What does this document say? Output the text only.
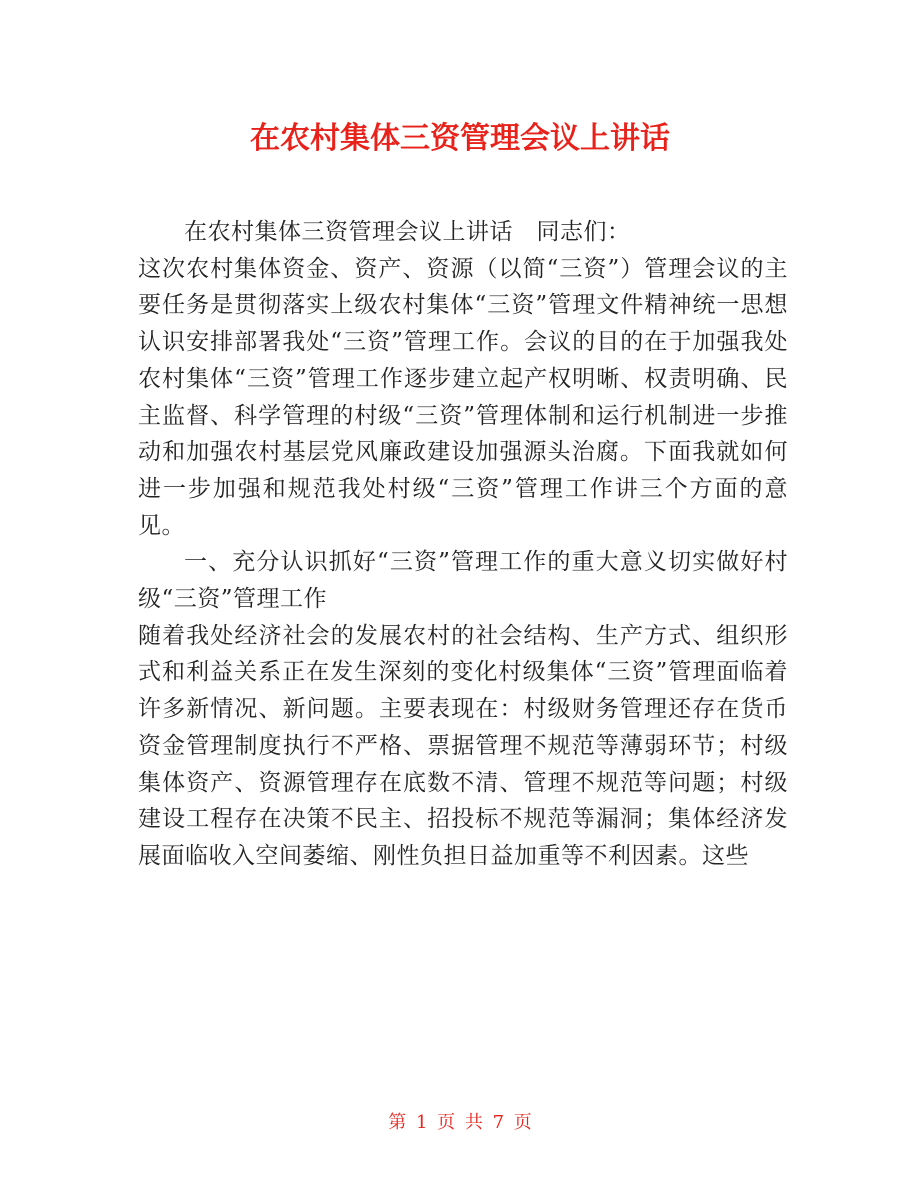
在农村集体三资管理会议上讲话

在农村集体三资管理会议上讲话　同志们：

这次农村集体资金、资产、资源（以简“三资”）管理会议的主要任务是贯彻落实上级农村集体“三资”管理文件精神统一思想认识安排部署我处“三资”管理工作。会议的目的在于加强我处农村集体“三资”管理工作逐步建立起产权明晰、权责明确、民主监督、科学管理的村级“三资”管理体制和运行机制进一步推动和加强农村基层党风廉政建设加强源头治腐。下面我就如何进一步加强和规范我处村级“三资”管理工作讲三个方面的意见。

一、充分认识抓好“三资”管理工作的重大意义切实做好村级“三资”管理工作

随着我处经济社会的发展农村的社会结构、生产方式、组织形式和利益关系正在发生深刻的变化村级集体“三资”管理面临着许多新情况、新问题。主要表现在：村级财务管理还存在货币资金管理制度执行不严格、票据管理不规范等薄弱环节；村级集体资产、资源管理存在底数不清、管理不规范等问题；村级建设工程存在决策不民主、招投标不规范等漏洞；集体经济发展面临收入空间萎缩、刚性负担日益加重等不利因素。这些

第 1 页 共 7 页
